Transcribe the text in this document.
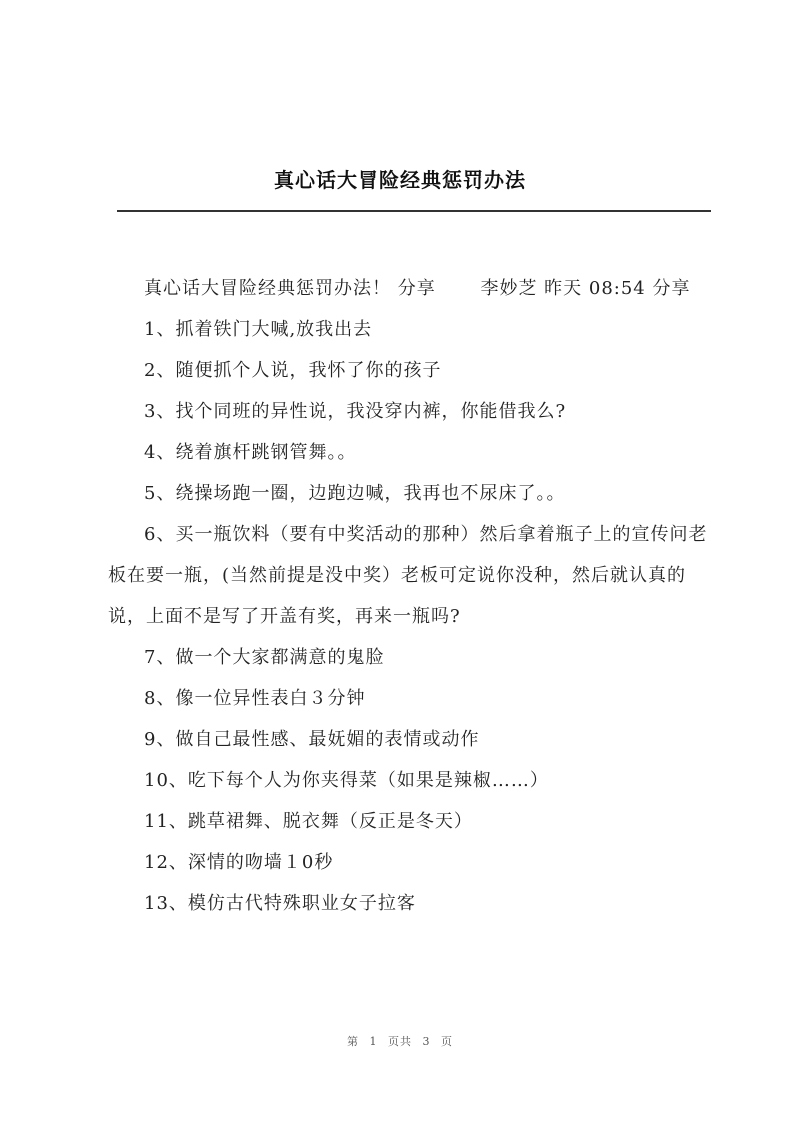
真心话大冒险经典惩罚办法

真心话大冒险经典惩罚办法！ 分享 　　李妙芝 昨天 08:54 分享

1、抓着铁门大喊,放我出去

2、随便抓个人说，我怀了你的孩子

3、找个同班的异性说，我没穿内裤，你能借我么?

4、绕着旗杆跳钢管舞。。

5、绕操场跑一圈，边跑边喊，我再也不尿床了。。

6、买一瓶饮料（要有中奖活动的那种）然后拿着瓶子上的宣传问老板在要一瓶，(当然前提是没中奖）老板可定说你没种，然后就认真的说，上面不是写了开盖有奖，再来一瓶吗?

7、做一个大家都满意的鬼脸

8、像一位异性表白３分钟

9、做自己最性感、最妩媚的表情或动作

10、吃下每个人为你夹得菜（如果是辣椒……）

11、跳草裙舞、脱衣舞（反正是冬天）

12、深情的吻墙１0秒

13、模仿古代特殊职业女子拉客

第 1 页共 3 页
